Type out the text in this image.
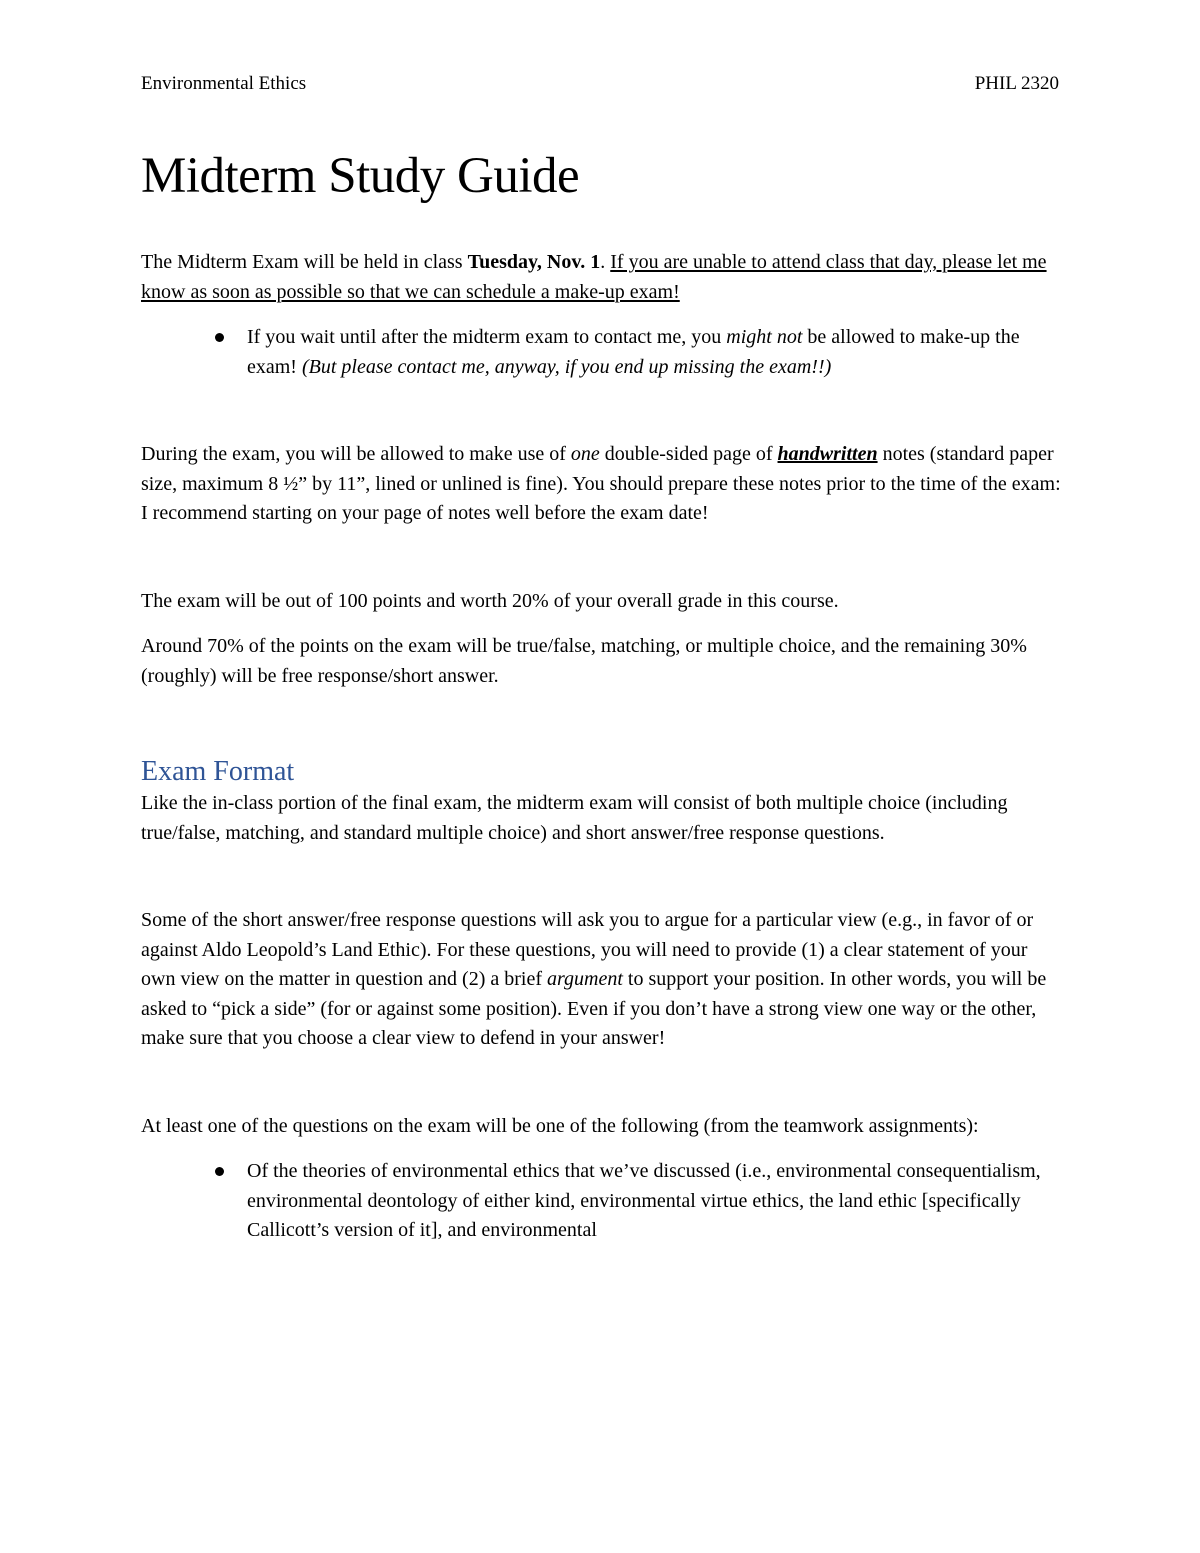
Environmental Ethics	PHIL 2320
Midterm Study Guide

The Midterm Exam will be held in class Tuesday, Nov. 1. If you are unable to attend class that day, please let me know as soon as possible so that we can schedule a make-up exam!

If you wait until after the midterm exam to contact me, you might not be allowed to make-up the exam! (But please contact me, anyway, if you end up missing the exam!!)

During the exam, you will be allowed to make use of one double-sided page of handwritten notes (standard paper size, maximum 8 ½” by 11”, lined or unlined is fine). You should prepare these notes prior to the time of the exam: I recommend starting on your page of notes well before the exam date!

The exam will be out of 100 points and worth 20% of your overall grade in this course.

Around 70% of the points on the exam will be true/false, matching, or multiple choice, and the remaining 30% (roughly) will be free response/short answer.

Exam Format

Like the in-class portion of the final exam, the midterm exam will consist of both multiple choice (including true/false, matching, and standard multiple choice) and short answer/free response questions.

Some of the short answer/free response questions will ask you to argue for a particular view (e.g., in favor of or against Aldo Leopold’s Land Ethic). For these questions, you will need to provide (1) a clear statement of your own view on the matter in question and (2) a brief argument to support your position. In other words, you will be asked to “pick a side” (for or against some position). Even if you don’t have a strong view one way or the other, make sure that you choose a clear view to defend in your answer!

At least one of the questions on the exam will be one of the following (from the teamwork assignments):

Of the theories of environmental ethics that we’ve discussed (i.e., environmental consequentialism, environmental deontology of either kind, environmental virtue ethics, the land ethic [specifically Callicott’s version of it], and environmental
